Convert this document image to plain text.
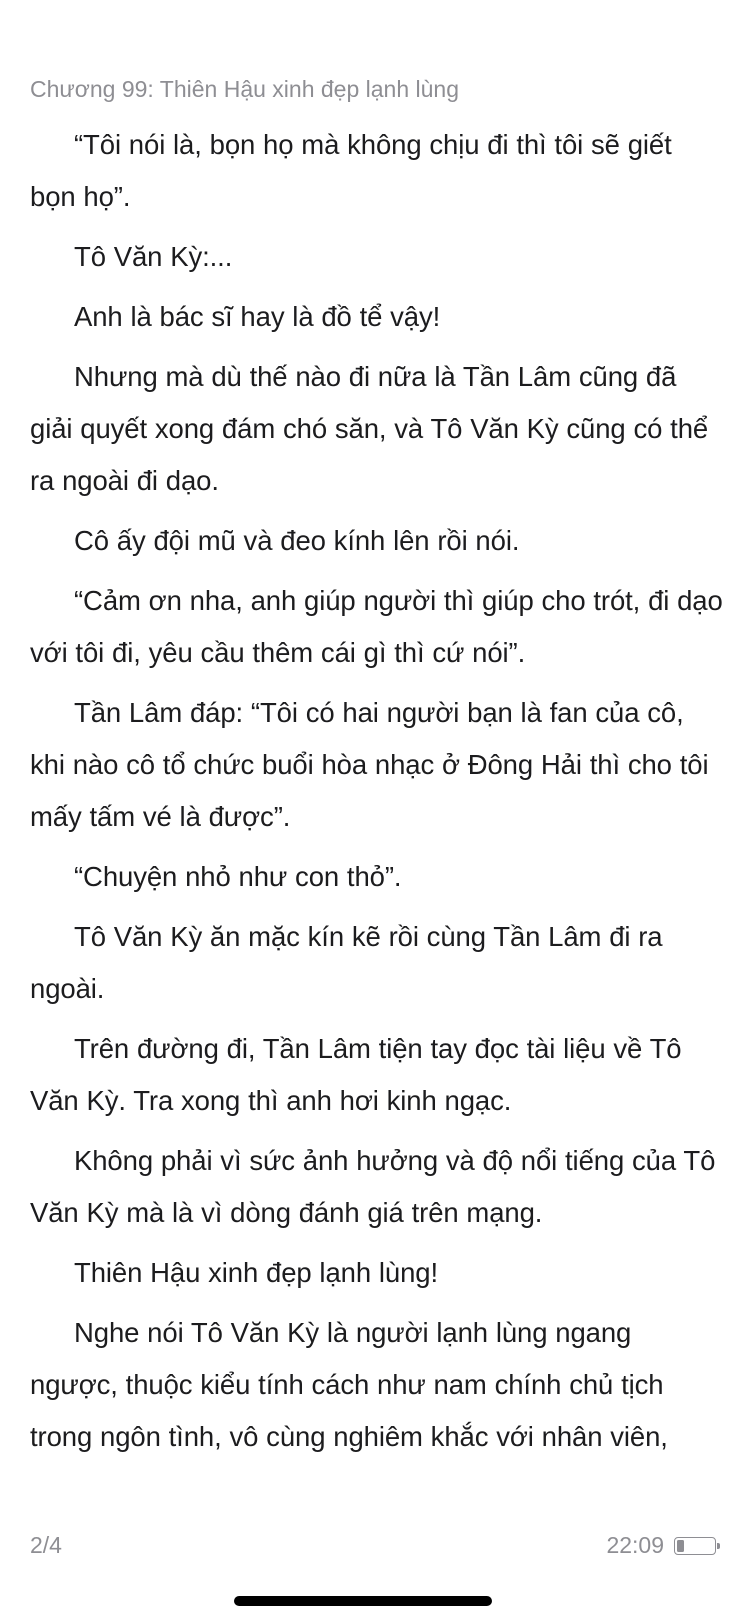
Chương 99: Thiên Hậu xinh đẹp lạnh lùng

“Tôi nói là, bọn họ mà không chịu đi thì tôi sẽ giết bọn họ”.

Tô Văn Kỳ:...

Anh là bác sĩ hay là đồ tể vậy!

Nhưng mà dù thế nào đi nữa là Tần Lâm cũng đã giải quyết xong đám chó săn, và Tô Văn Kỳ cũng có thể ra ngoài đi dạo.

Cô ấy đội mũ và đeo kính lên rồi nói.

“Cảm ơn nha, anh giúp người thì giúp cho trót, đi dạo với tôi đi, yêu cầu thêm cái gì thì cứ nói”.

Tần Lâm đáp: “Tôi có hai người bạn là fan của cô, khi nào cô tổ chức buổi hòa nhạc ở Đông Hải thì cho tôi mấy tấm vé là được”.

“Chuyện nhỏ như con thỏ”.

Tô Văn Kỳ ăn mặc kín kẽ rồi cùng Tần Lâm đi ra ngoài.

Trên đường đi, Tần Lâm tiện tay đọc tài liệu về Tô Văn Kỳ. Tra xong thì anh hơi kinh ngạc.

Không phải vì sức ảnh hưởng và độ nổi tiếng của Tô Văn Kỳ mà là vì dòng đánh giá trên mạng.

Thiên Hậu xinh đẹp lạnh lùng!

Nghe nói Tô Văn Kỳ là người lạnh lùng ngang ngược, thuộc kiểu tính cách như nam chính chủ tịch trong ngôn tình, vô cùng nghiêm khắc với nhân viên,

2/4	22:09
